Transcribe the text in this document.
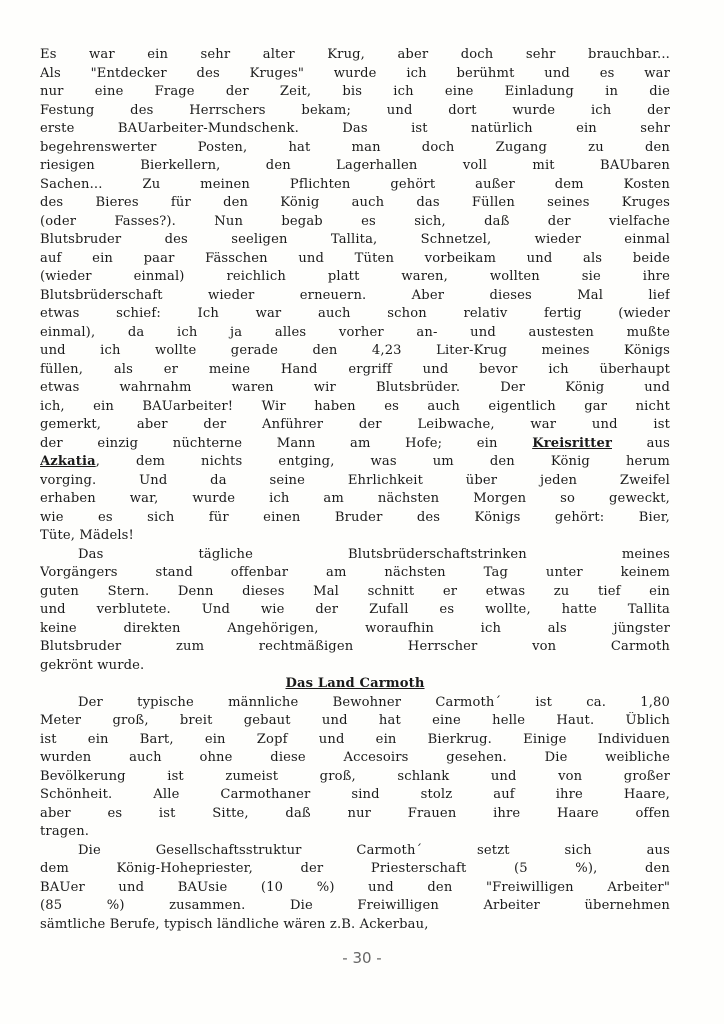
Es war ein sehr alter Krug, aber doch sehr brauchbar...
Als "Entdecker des Kruges" wurde ich berühmt und es war
nur eine Frage der Zeit, bis ich eine Einladung in die
Festung des Herrschers bekam; und dort wurde ich der
erste BAUarbeiter-Mundschenk. Das ist natürlich ein sehr
begehrenswerter Posten, hat man doch Zugang zu den
riesigen Bierkellern, den Lagerhallen voll mit BAUbaren
Sachen... Zu meinen Pflichten gehört außer dem Kosten
des Bieres für den König auch das Füllen seines Kruges
(oder Fasses?). Nun begab es sich, daß der vielfache
Blutsbruder des seeligen Tallita, Schnetzel, wieder einmal
auf ein paar Fässchen und Tüten vorbeikam und als beide
(wieder einmal) reichlich platt waren, wollten sie ihre
Blutsbrüderschaft wieder erneuern. Aber dieses Mal lief
etwas schief: Ich war auch schon relativ fertig (wieder
einmal), da ich ja alles vorher an- und austesten mußte
und ich wollte gerade den 4,23 Liter-Krug meines Königs
füllen, als er meine Hand ergriff und bevor ich überhaupt
etwas wahrnahm waren wir Blutsbrüder. Der König und
ich, ein BAUarbeiter! Wir haben es auch eigentlich gar nicht
gemerkt, aber der Anführer der Leibwache, war und ist
der einzig nüchterne Mann am Hofe; ein Kreisritter aus
Azkatia, dem nichts entging, was um den König herum
vorging. Und da seine Ehrlichkeit über jeden Zweifel
erhaben war, wurde ich am nächsten Morgen so geweckt,
wie es sich für einen Bruder des Königs gehört: Bier,
Tüte, Mädels!
Das tägliche Blutsbrüderschaftstrinken meines
Vorgängers stand offenbar am nächsten Tag unter keinem
guten Stern. Denn dieses Mal schnitt er etwas zu tief ein
und verblutete. Und wie der Zufall es wollte, hatte Tallita
keine direkten Angehörigen, woraufhin ich als jüngster
Blutsbruder zum rechtmäßigen Herrscher von Carmoth
gekrönt wurde.
Das Land Carmoth
Der typische männliche Bewohner Carmoth´ ist ca. 1,80
Meter groß, breit gebaut und hat eine helle Haut. Üblich
ist ein Bart, ein Zopf und ein Bierkrug. Einige Individuen
wurden auch ohne diese Accesoirs gesehen. Die weibliche
Bevölkerung ist zumeist groß, schlank und von großer
Schönheit. Alle Carmothaner sind stolz auf ihre Haare,
aber es ist Sitte, daß nur Frauen ihre Haare offen
tragen.
Die Gesellschaftsstruktur Carmoth´ setzt sich aus
dem König-Hohepriester, der Priesterschaft (5 %), den
BAUer und BAUsie (10 %) und den "Freiwilligen Arbeiter"
(85 %) zusammen. Die Freiwilligen Arbeiter übernehmen
sämtliche Berufe, typisch ländliche wären z.B. Ackerbau,
- 30 -
